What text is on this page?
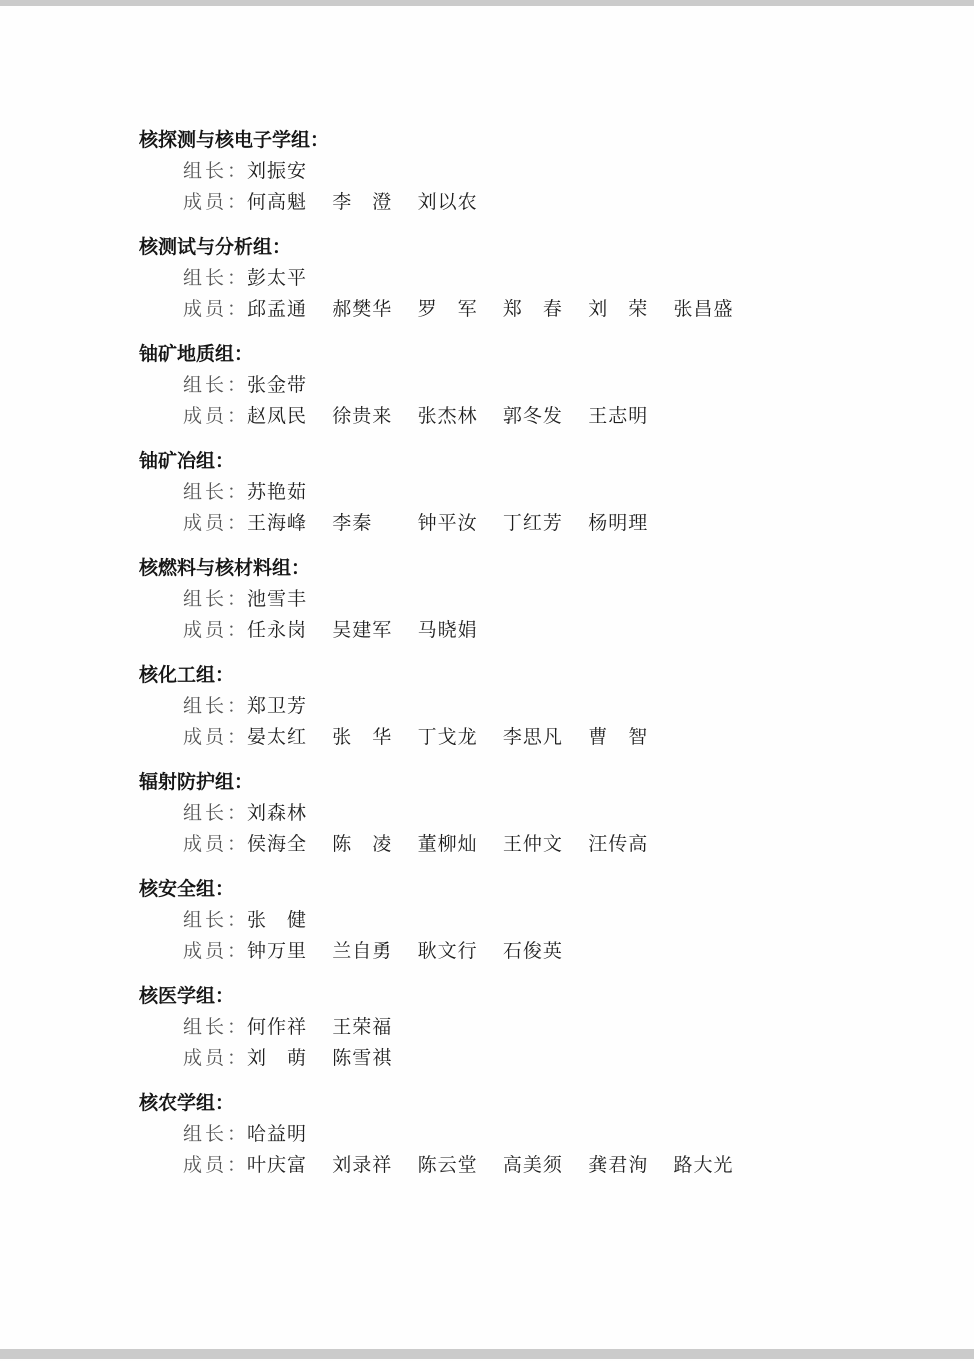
核探测与核电子学组：
组长：
刘振安
成员：
何高魁 李　澄 刘以农
核测试与分析组：
组长：
彭太平
成员：
邱孟通 郝樊华 罗　军 郑　春 刘　荣 张昌盛
铀矿地质组：
组长：
张金带
成员：
赵凤民 徐贵来 张杰林 郭冬发 王志明
铀矿冶组：
组长：
苏艳茹
成员：
王海峰 李秦 钟平汝 丁红芳 杨明理
核燃料与核材料组：
组长：
池雪丰
成员：
任永岗 吴建军 马晓娟
核化工组：
组长：
郑卫芳
成员：
晏太红 张　华 丁戈龙 李思凡 曹　智
辐射防护组：
组长：
刘森林
成员：
侯海全 陈　凌 董柳灿 王仲文 汪传高
核安全组：
组长：
张　健
成员：
钟万里 兰自勇 耿文行 石俊英
核医学组：
组长：
何作祥 王荣福
成员：
刘　萌 陈雪祺
核农学组：
组长：
哈益明
成员：
叶庆富 刘录祥 陈云堂 高美须 龚君洵 路大光
